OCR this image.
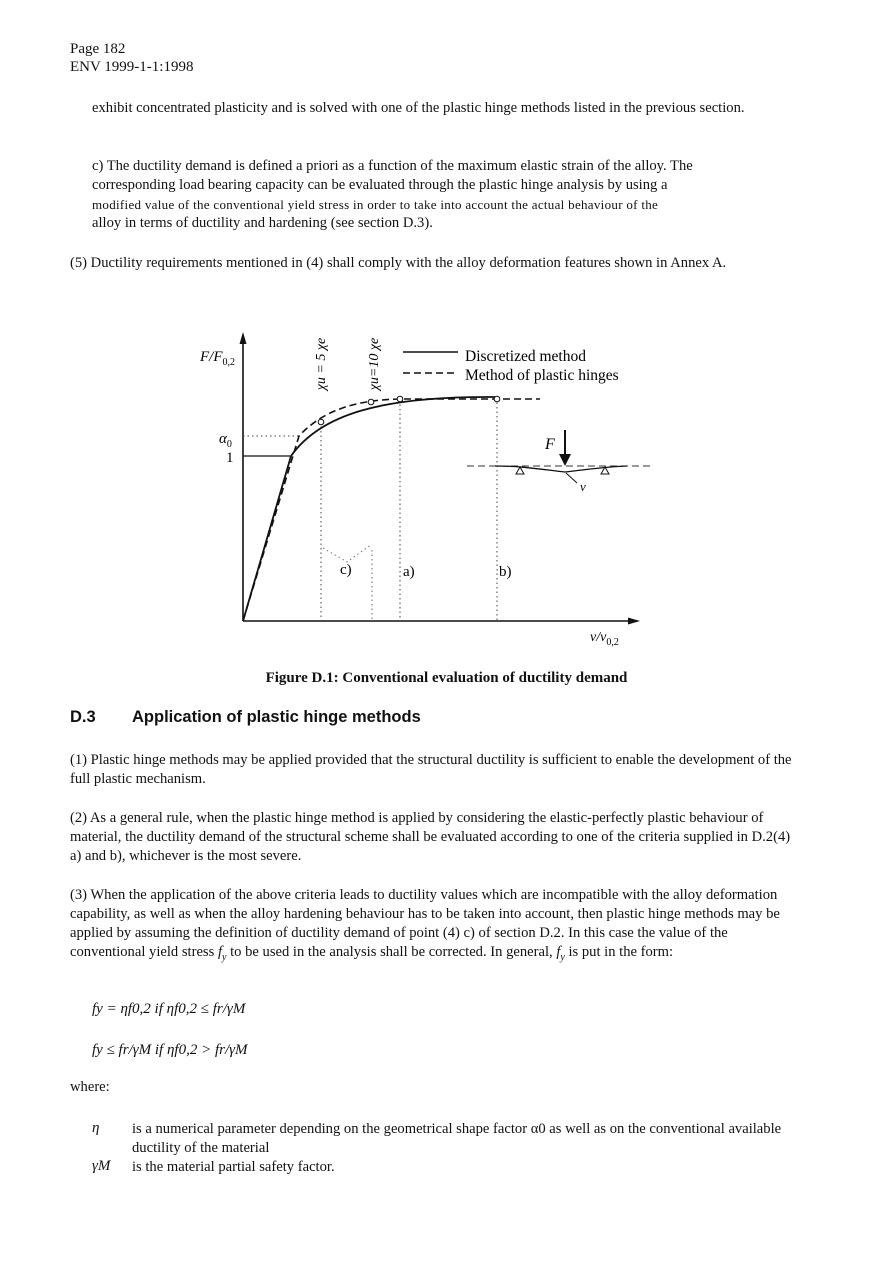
Page 182
ENV 1999-1-1:1998

exhibit concentrated plasticity and is solved with one of the plastic hinge methods listed in the previous section.

c) The ductility demand is defined a priori as a function of the maximum elastic strain of the alloy. The
corresponding load bearing capacity can be evaluated through the plastic hinge analysis by using a
modified value of the conventional yield stress in order to take into account the actual behaviour of the
alloy in terms of ductility and hardening (see section D.3).

(5) Ductility requirements mentioned in (4) shall comply with the alloy deformation features shown in Annex A.

$F/F_{0,2}$
$v/v_{0,2}$
$\alpha_0$
1
χu = 5 χe	χu=10 χe	Discretized method
Method of plastic hinges
F
v
c)	a)	b)
Figure D.1: Conventional evaluation of ductility demand
D.3 Application of plastic hinge methods

(1) Plastic hinge methods may be applied provided that the structural ductility is sufficient to enable the development of the full plastic mechanism.

(2) As a general rule, when the plastic hinge method is applied by considering the elastic-perfectly plastic behaviour of material, the ductility demand of the structural scheme shall be evaluated according to one of the criteria supplied in D.2(4) a) and b), whichever is the most severe.

(3) When the application of the above criteria leads to ductility values which are incompatible with the alloy deformation capability, as well as when the alloy hardening behaviour has to be taken into account, then plastic hinge methods may be applied by assuming the definition of ductility demand of point (4) c) of section D.2. In this case the value of the conventional yield stress $f_y$ to be used in the analysis shall be corrected. In general, $f_y$ is put in the form:

fy = ηf0,2 if ηf0,2 ≤ fr/γM
fy ≤ fr/γM if ηf0,2 > fr/γM
where:
η is a numerical parameter depending on the geometrical shape factor α0 as well as on the conventional available ductility of the material

γM is the material partial safety factor.
